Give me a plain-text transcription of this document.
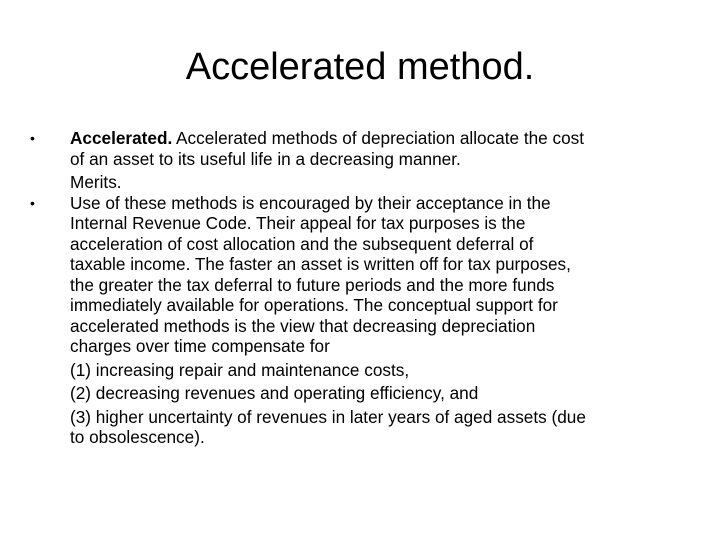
Accelerated method.
•	Accelerated. Accelerated methods of depreciation allocate the cost
of an asset to its useful life in a decreasing manner.
Merits.
•	Use of these methods is encouraged by their acceptance in the
Internal Revenue Code. Their appeal for tax purposes is the
acceleration of cost allocation and the subsequent deferral of
taxable income. The faster an asset is written off for tax purposes,
the greater the tax deferral to future periods and the more funds
immediately available for operations. The conceptual support for
accelerated methods is the view that decreasing depreciation
charges over time compensate for
(1) increasing repair and maintenance costs,
(2) decreasing revenues and operating efficiency, and
(3) higher uncertainty of revenues in later years of aged assets (due
to obsolescence).
